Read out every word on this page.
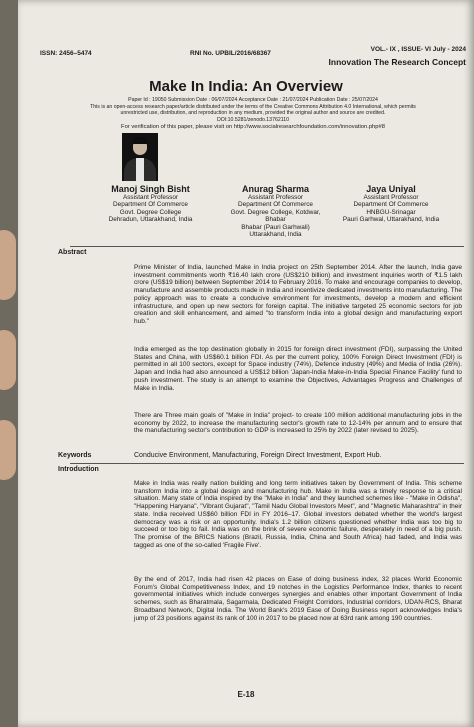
ISSN: 2456–5474	RNI No. UPBIL/2016/68367
VOL.- IX , ISSUE- VI July - 2024
Innovation The Research Concept
Make In India: An Overview
Paper Id : 19050 Submission Date : 06/07/2024 Acceptance Date : 21/07/2024 Publication Date : 25/07/2024
This is an open-access research paper/article distributed under the terms of the Creative Commons Attribution 4.0 International, which permits
unrestricted use, distribution, and reproduction in any medium, provided the original author and source are credited.
DOI:10.5281/zenodo.13762110
For verification of this paper, please visit on http://www.socialresearchfoundation.com/innovation.php#8
Manoj Singh Bisht
Assistant Professor
Department Of Commerce
Govt. Degree College
Dehradun, Uttarakhand, India
Anurag Sharma
Assistant Professor
Department Of Commerce
Govt. Degree College, Kotdwar,
Bhabar
Bhabar (Pauri Garhwali)
Uttarakhand, India
Jaya Uniyal
Assistant Professor
Department Of Commerce
HNBGU-Srinagar
Pauri Garhwal, Uttarakhand, India
Abstract
Prime Minister of India, launched Make in India project on 25th September 2014. After the launch, India gave investment commitments worth ₹16.40 lakh crore (US$210 billion) and investment inquiries worth of ₹1.5 lakh crore (US$19 billion) between September 2014 to February 2016. To make and encourage companies to develop, manufacture and assemble products made in India and incentivize dedicated investments into manufacturing. The policy approach was to create a conducive environment for investments, develop a modern and efficient infrastructure, and open up new sectors for foreign capital. The initiative targeted 25 economic sectors for job creation and skill enhancement, and aimed "to transform India into a global design and manufacturing export hub."
India emerged as the top destination globally in 2015 for foreign direct investment (FDI), surpassing the United States and China, with US$60.1 billion FDI. As per the current policy, 100% Foreign Direct Investment (FDI) is permitted in all 100 sectors, except for Space industry (74%), Defence industry (49%) and Media of India (26%). Japan and India had also announced a US$12 billion 'Japan-India Make-in-India Special Finance Facility' fund to push investment. The study is an attempt to examine the Objectives, Advantages Progress and Challenges of Make in India.
There are Three main goals of "Make in India" project- to create 100 million additional manufacturing jobs in the economy by 2022, to increase the manufacturing sector's growth rate to 12-14% per annum and to ensure that the manufacturing sector's contribution to GDP is increased to 25% by 2022 (later revised to 2025).
Keywords	Conducive Environment, Manufacturing, Foreign Direct Investment, Export Hub.
Introduction
Make in India was really nation building and long term initiatives taken by Government of India. This scheme transform India into a global design and manufacturing hub. Make in India was a timely response to a critical situation. Many state of India inspired by the "Make in India" and they launched schemes like - "Make in Odisha", "Happening Haryana", "Vibrant Gujarat", "Tamil Nadu Global Investors Meet", and "Magnetic Maharashtra" in their state. India received US$60 billion FDI in FY 2016–17. Global investors debated whether the world's largest democracy was a risk or an opportunity. India's 1.2 billion citizens questioned whether India was too big to succeed or too big to fail. India was on the brink of severe economic failure, desperately in need of a big push. The promise of the BRICS Nations (Brazil, Russia, India, China and South Africa) had faded, and India was tagged as one of the so-called 'Fragile Five'.
By the end of 2017, India had risen 42 places on Ease of doing business index, 32 places World Economic Forum's Global Competitiveness Index, and 19 notches in the Logistics Performance Index, thanks to recent governmental initiatives which include converges synergies and enables other important Government of India schemes, such as Bharatmala, Sagarmala, Dedicated Freight Corridors, Industrial corridors, UDAN-RCS, Bharat Broadband Network, Digital India. The World Bank's 2019 Ease of Doing Business report acknowledges India's jump of 23 positions against its rank of 100 in 2017 to be placed now at 63rd rank among 190 countries.
E-18
